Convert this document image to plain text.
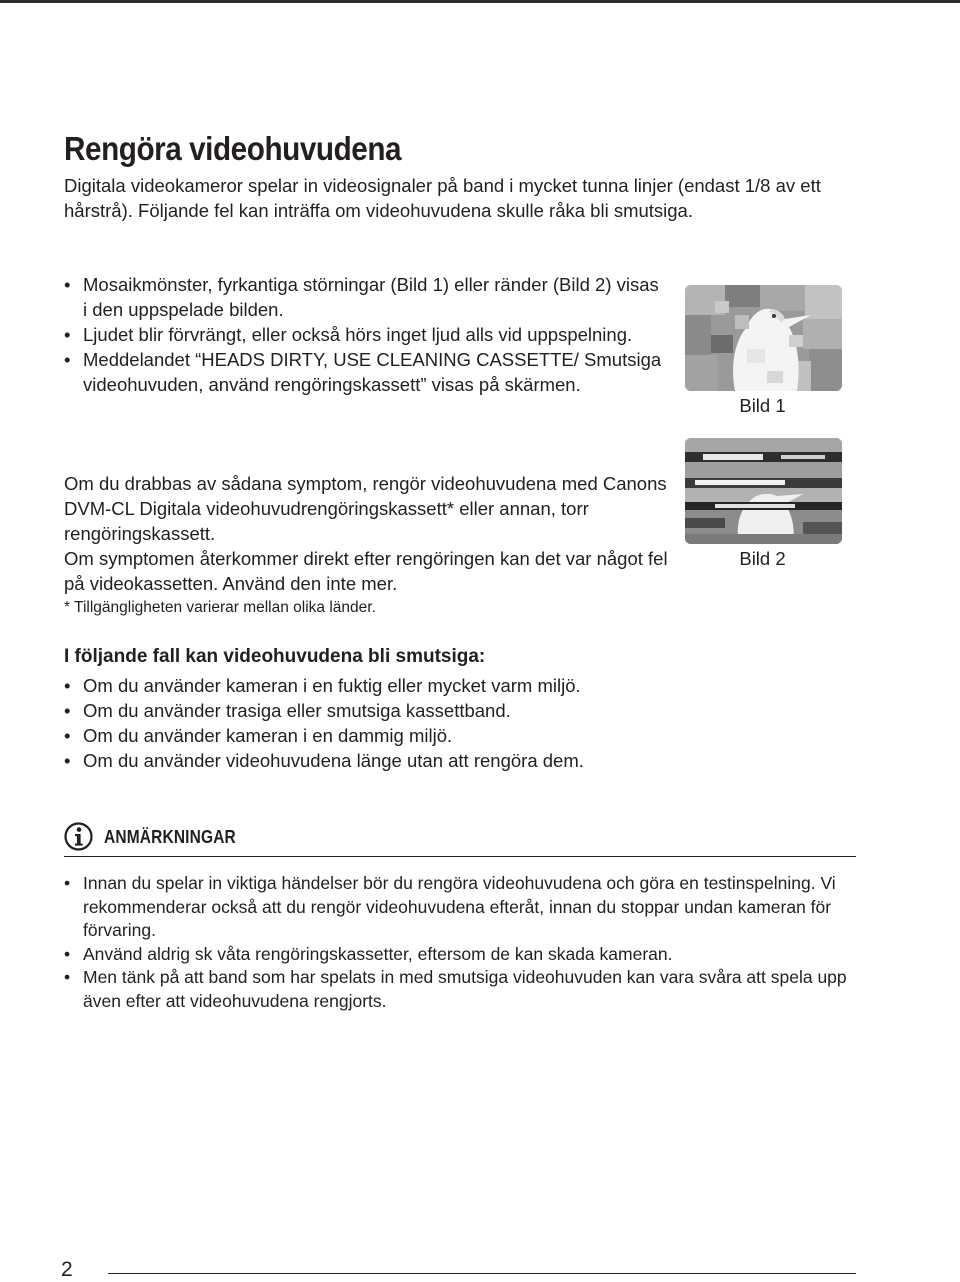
Rengöra videohuvudena

Digitala videokameror spelar in videosignaler på band i mycket tunna linjer (endast 1/8 av ett hårstrå). Följande fel kan inträffa om videohuvudena skulle råka bli smutsiga.

• Mosaikmönster, fyrkantiga störningar (Bild 1) eller ränder (Bild 2) visas i den uppspelade bilden.
• Ljudet blir förvrängt, eller också hörs inget ljud alls vid uppspelning.
• Meddelandet “HEADS DIRTY, USE CLEANING CASSETTE/ Smutsiga videohuvuden, använd rengöringskassett” visas på skärmen.

Om du drabbas av sådana symptom, rengör videohuvudena med Canons DVM-CL Digitala videohuvudrengöringskassett* eller annan, torr rengöringskassett.

Om symptomen återkommer direkt efter rengöringen kan det var något fel på videokassetten. Använd den inte mer.

* Tillgängligheten varierar mellan olika länder.

Bild 1

Bild 2

I följande fall kan videohuvudena bli smutsiga:
• Om du använder kameran i en fuktig eller mycket varm miljö.
• Om du använder trasiga eller smutsiga kassettband.
• Om du använder kameran i en dammig miljö.
• Om du använder videohuvudena länge utan att rengöra dem.

ANMÄRKNINGAR

• Innan du spelar in viktiga händelser bör du rengöra videohuvudena och göra en testinspelning. Vi rekommenderar också att du rengör videohuvudena efteråt, innan du stoppar undan kameran för förvaring.
• Använd aldrig sk våta rengöringskassetter, eftersom de kan skada kameran.
• Men tänk på att band som har spelats in med smutsiga videohuvuden kan vara svåra att spela upp även efter att videohuvudena rengjorts.

2
